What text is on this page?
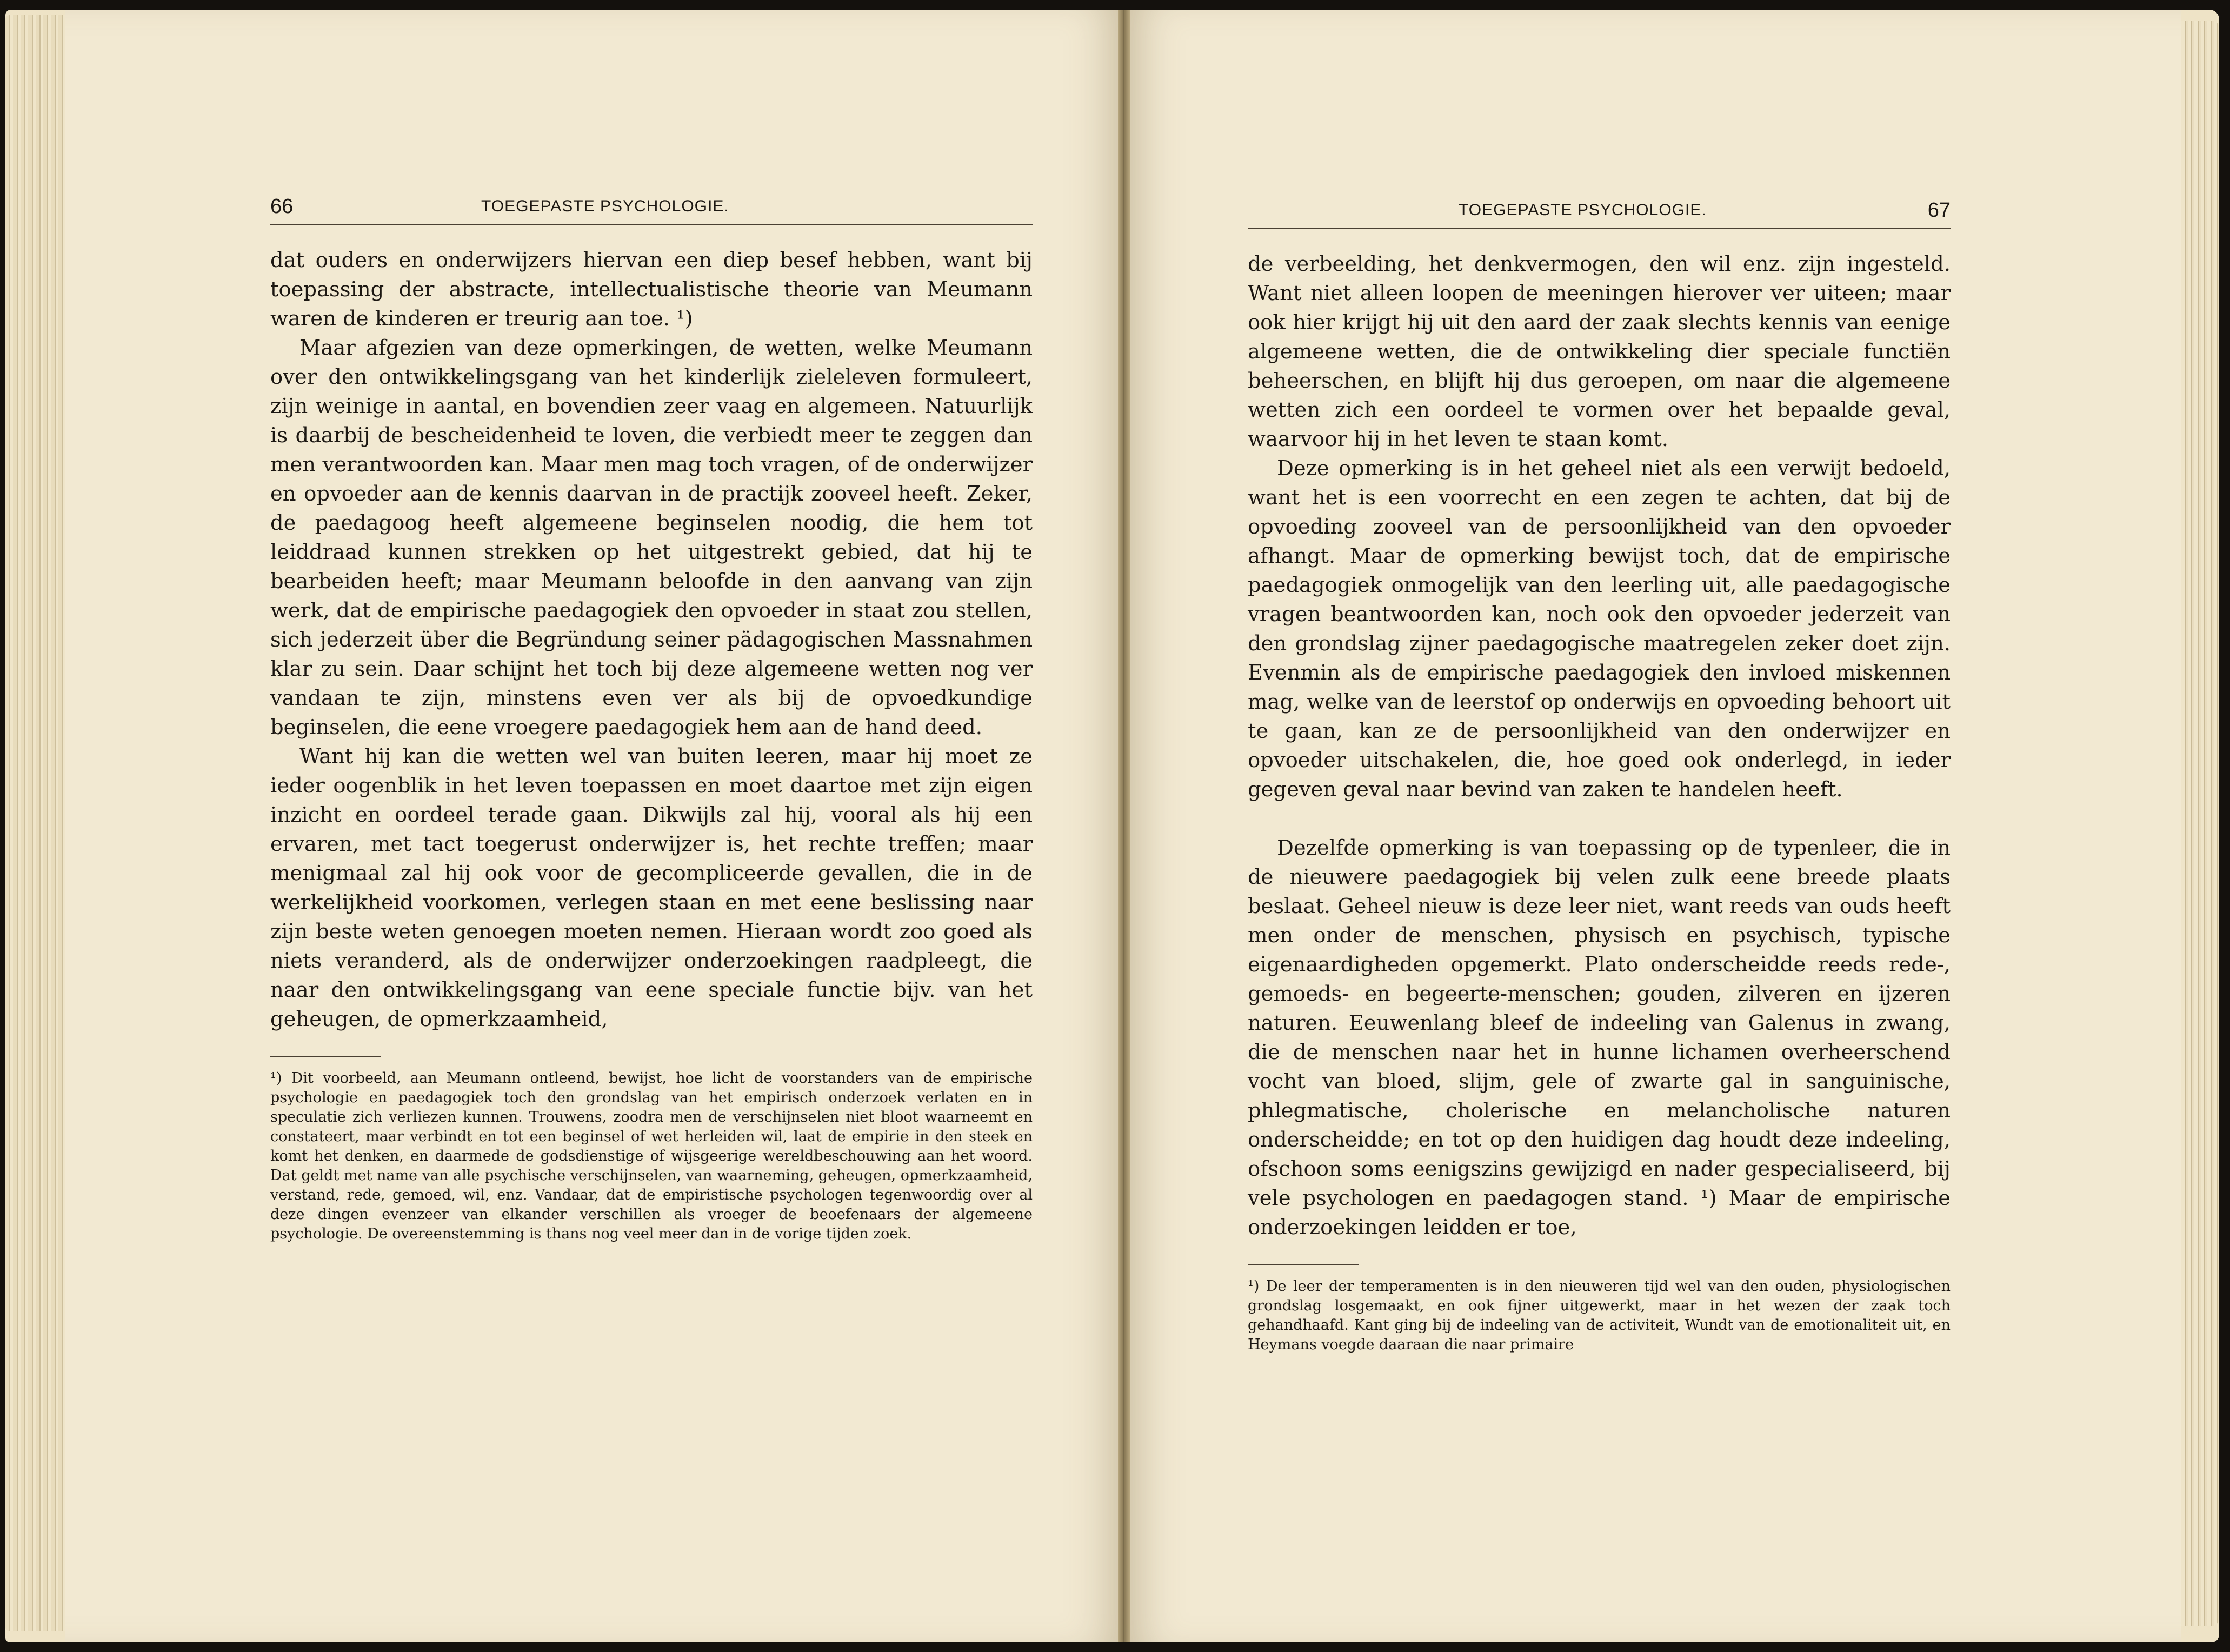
66	TOEGEPASTE PSYCHOLOGIE.

dat ouders en onderwijzers hiervan een diep besef hebben, want bij toepassing der abstracte, intellectualistische theorie van Meumann waren de kinderen er treurig aan toe. ¹)

Maar afgezien van deze opmerkingen, de wetten, welke Meumann over den ontwikkelingsgang van het kinderlijk zieleleven formuleert, zijn weinige in aantal, en bovendien zeer vaag en algemeen. Natuurlijk is daarbij de bescheidenheid te loven, die verbiedt meer te zeggen dan men verantwoorden kan. Maar men mag toch vragen, of de onderwijzer en opvoeder aan de kennis daarvan in de practijk zooveel heeft. Zeker, de paedagoog heeft algemeene beginselen noodig, die hem tot leiddraad kunnen strekken op het uitgestrekt gebied, dat hij te bearbeiden heeft; maar Meumann beloofde in den aanvang van zijn werk, dat de empirische paedagogiek den opvoeder in staat zou stellen, sich jederzeit über die Begründung seiner pädagogischen Massnahmen klar zu sein. Daar schijnt het toch bij deze algemeene wetten nog ver vandaan te zijn, minstens even ver als bij de opvoedkundige beginselen, die eene vroegere paedagogiek hem aan de hand deed.

Want hij kan die wetten wel van buiten leeren, maar hij moet ze ieder oogenblik in het leven toepassen en moet daartoe met zijn eigen inzicht en oordeel terade gaan. Dikwijls zal hij, vooral als hij een ervaren, met tact toegerust onderwijzer is, het rechte treffen; maar menigmaal zal hij ook voor de gecompliceerde gevallen, die in de werkelijkheid voorkomen, verlegen staan en met eene beslissing naar zijn beste weten genoegen moeten nemen. Hieraan wordt zoo goed als niets veranderd, als de onderwijzer onderzoekingen raadpleegt, die naar den ontwikkelingsgang van eene speciale functie bijv. van het geheugen, de opmerkzaamheid,

¹) Dit voorbeeld, aan Meumann ontleend, bewijst, hoe licht de voorstanders van de empirische psychologie en paedagogiek toch den grondslag van het empirisch onderzoek verlaten en in speculatie zich verliezen kunnen. Trouwens, zoodra men de verschijnselen niet bloot waarneemt en constateert, maar verbindt en tot een beginsel of wet herleiden wil, laat de empirie in den steek en komt het denken, en daarmede de godsdienstige of wijsgeerige wereldbeschouwing aan het woord. Dat geldt met name van alle psychische verschijnselen, van waarneming, geheugen, opmerkzaamheid, verstand, rede, gemoed, wil, enz. Vandaar, dat de empiristische psychologen tegenwoordig over al deze dingen evenzeer van elkander verschillen als vroeger de beoefenaars der algemeene psychologie. De overeenstemming is thans nog veel meer dan in de vorige tijden zoek.

TOEGEPASTE PSYCHOLOGIE.	67

de verbeelding, het denkvermogen, den wil enz. zijn ingesteld. Want niet alleen loopen de meeningen hierover ver uiteen; maar ook hier krijgt hij uit den aard der zaak slechts kennis van eenige algemeene wetten, die de ontwikkeling dier speciale functiën beheerschen, en blijft hij dus geroepen, om naar die algemeene wetten zich een oordeel te vormen over het bepaalde geval, waarvoor hij in het leven te staan komt.

Deze opmerking is in het geheel niet als een verwijt bedoeld, want het is een voorrecht en een zegen te achten, dat bij de opvoeding zooveel van de persoonlijkheid van den opvoeder afhangt. Maar de opmerking bewijst toch, dat de empirische paedagogiek onmogelijk van den leerling uit, alle paedagogische vragen beantwoorden kan, noch ook den opvoeder jederzeit van den grondslag zijner paedagogische maatregelen zeker doet zijn. Evenmin als de empirische paedagogiek den invloed miskennen mag, welke van de leerstof op onderwijs en opvoeding behoort uit te gaan, kan ze de persoonlijkheid van den onderwijzer en opvoeder uitschakelen, die, hoe goed ook onderlegd, in ieder gegeven geval naar bevind van zaken te handelen heeft.

Dezelfde opmerking is van toepassing op de typenleer, die in de nieuwere paedagogiek bij velen zulk eene breede plaats beslaat. Geheel nieuw is deze leer niet, want reeds van ouds heeft men onder de menschen, physisch en psychisch, typische eigenaardigheden opgemerkt. Plato onderscheidde reeds rede-, gemoeds- en begeerte-menschen; gouden, zilveren en ijzeren naturen. Eeuwenlang bleef de indeeling van Galenus in zwang, die de menschen naar het in hunne lichamen overheerschend vocht van bloed, slijm, gele of zwarte gal in sanguinische, phlegmatische, cholerische en melancholische naturen onderscheidde; en tot op den huidigen dag houdt deze indeeling, ofschoon soms eenigszins gewijzigd en nader gespecialiseerd, bij vele psychologen en paedagogen stand. ¹) Maar de empirische onderzoekingen leidden er toe,

¹) De leer der temperamenten is in den nieuweren tijd wel van den ouden, physiologischen grondslag losgemaakt, en ook fijner uitgewerkt, maar in het wezen der zaak toch gehandhaafd. Kant ging bij de indeeling van de activiteit, Wundt van de emotionaliteit uit, en Heymans voegde daaraan die naar primaire
